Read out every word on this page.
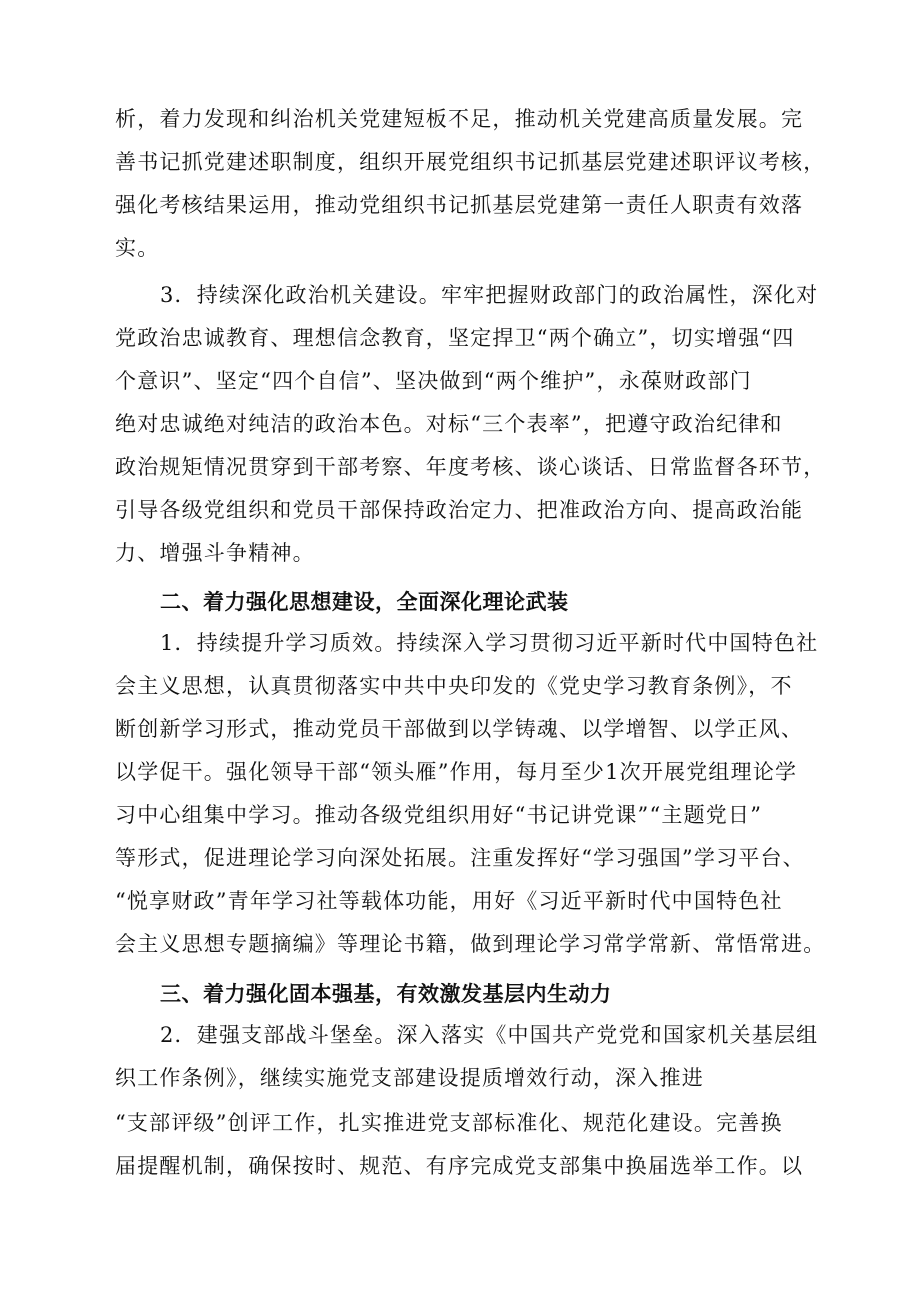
析，着力发现和纠治机关党建短板不足，推动机关党建高质量发展。完
善书记抓党建述职制度，组织开展党组织书记抓基层党建述职评议考核，
强化考核结果运用，推动党组织书记抓基层党建第一责任人职责有效落
实。
3．持续深化政治机关建设。牢牢把握财政部门的政治属性，深化对
党政治忠诚教育、理想信念教育，坚定捍卫“两个确立”，切实增强“四
个意识”、坚定“四个自信”、坚决做到“两个维护”，永葆财政部门
绝对忠诚绝对纯洁的政治本色。对标“三个表率”，把遵守政治纪律和
政治规矩情况贯穿到干部考察、年度考核、谈心谈话、日常监督各环节，
引导各级党组织和党员干部保持政治定力、把准政治方向、提高政治能
力、增强斗争精神。
二、着力强化思想建设，全面深化理论武装
1．持续提升学习质效。持续深入学习贯彻习近平新时代中国特色社
会主义思想，认真贯彻落实中共中央印发的《党史学习教育条例》，不
断创新学习形式，推动党员干部做到以学铸魂、以学增智、以学正风、
以学促干。强化领导干部“领头雁”作用，每月至少1次开展党组理论学
习中心组集中学习。推动各级党组织用好“书记讲党课”“主题党日”
等形式，促进理论学习向深处拓展。注重发挥好“学习强国”学习平台、
“悦享财政”青年学习社等载体功能，用好《习近平新时代中国特色社
会主义思想专题摘编》等理论书籍，做到理论学习常学常新、常悟常进。
三、着力强化固本强基，有效激发基层内生动力
2．建强支部战斗堡垒。深入落实《中国共产党党和国家机关基层组
织工作条例》，继续实施党支部建设提质增效行动，深入推进
“支部评级”创评工作，扎实推进党支部标准化、规范化建设。完善换
届提醒机制，确保按时、规范、有序完成党支部集中换届选举工作。以
